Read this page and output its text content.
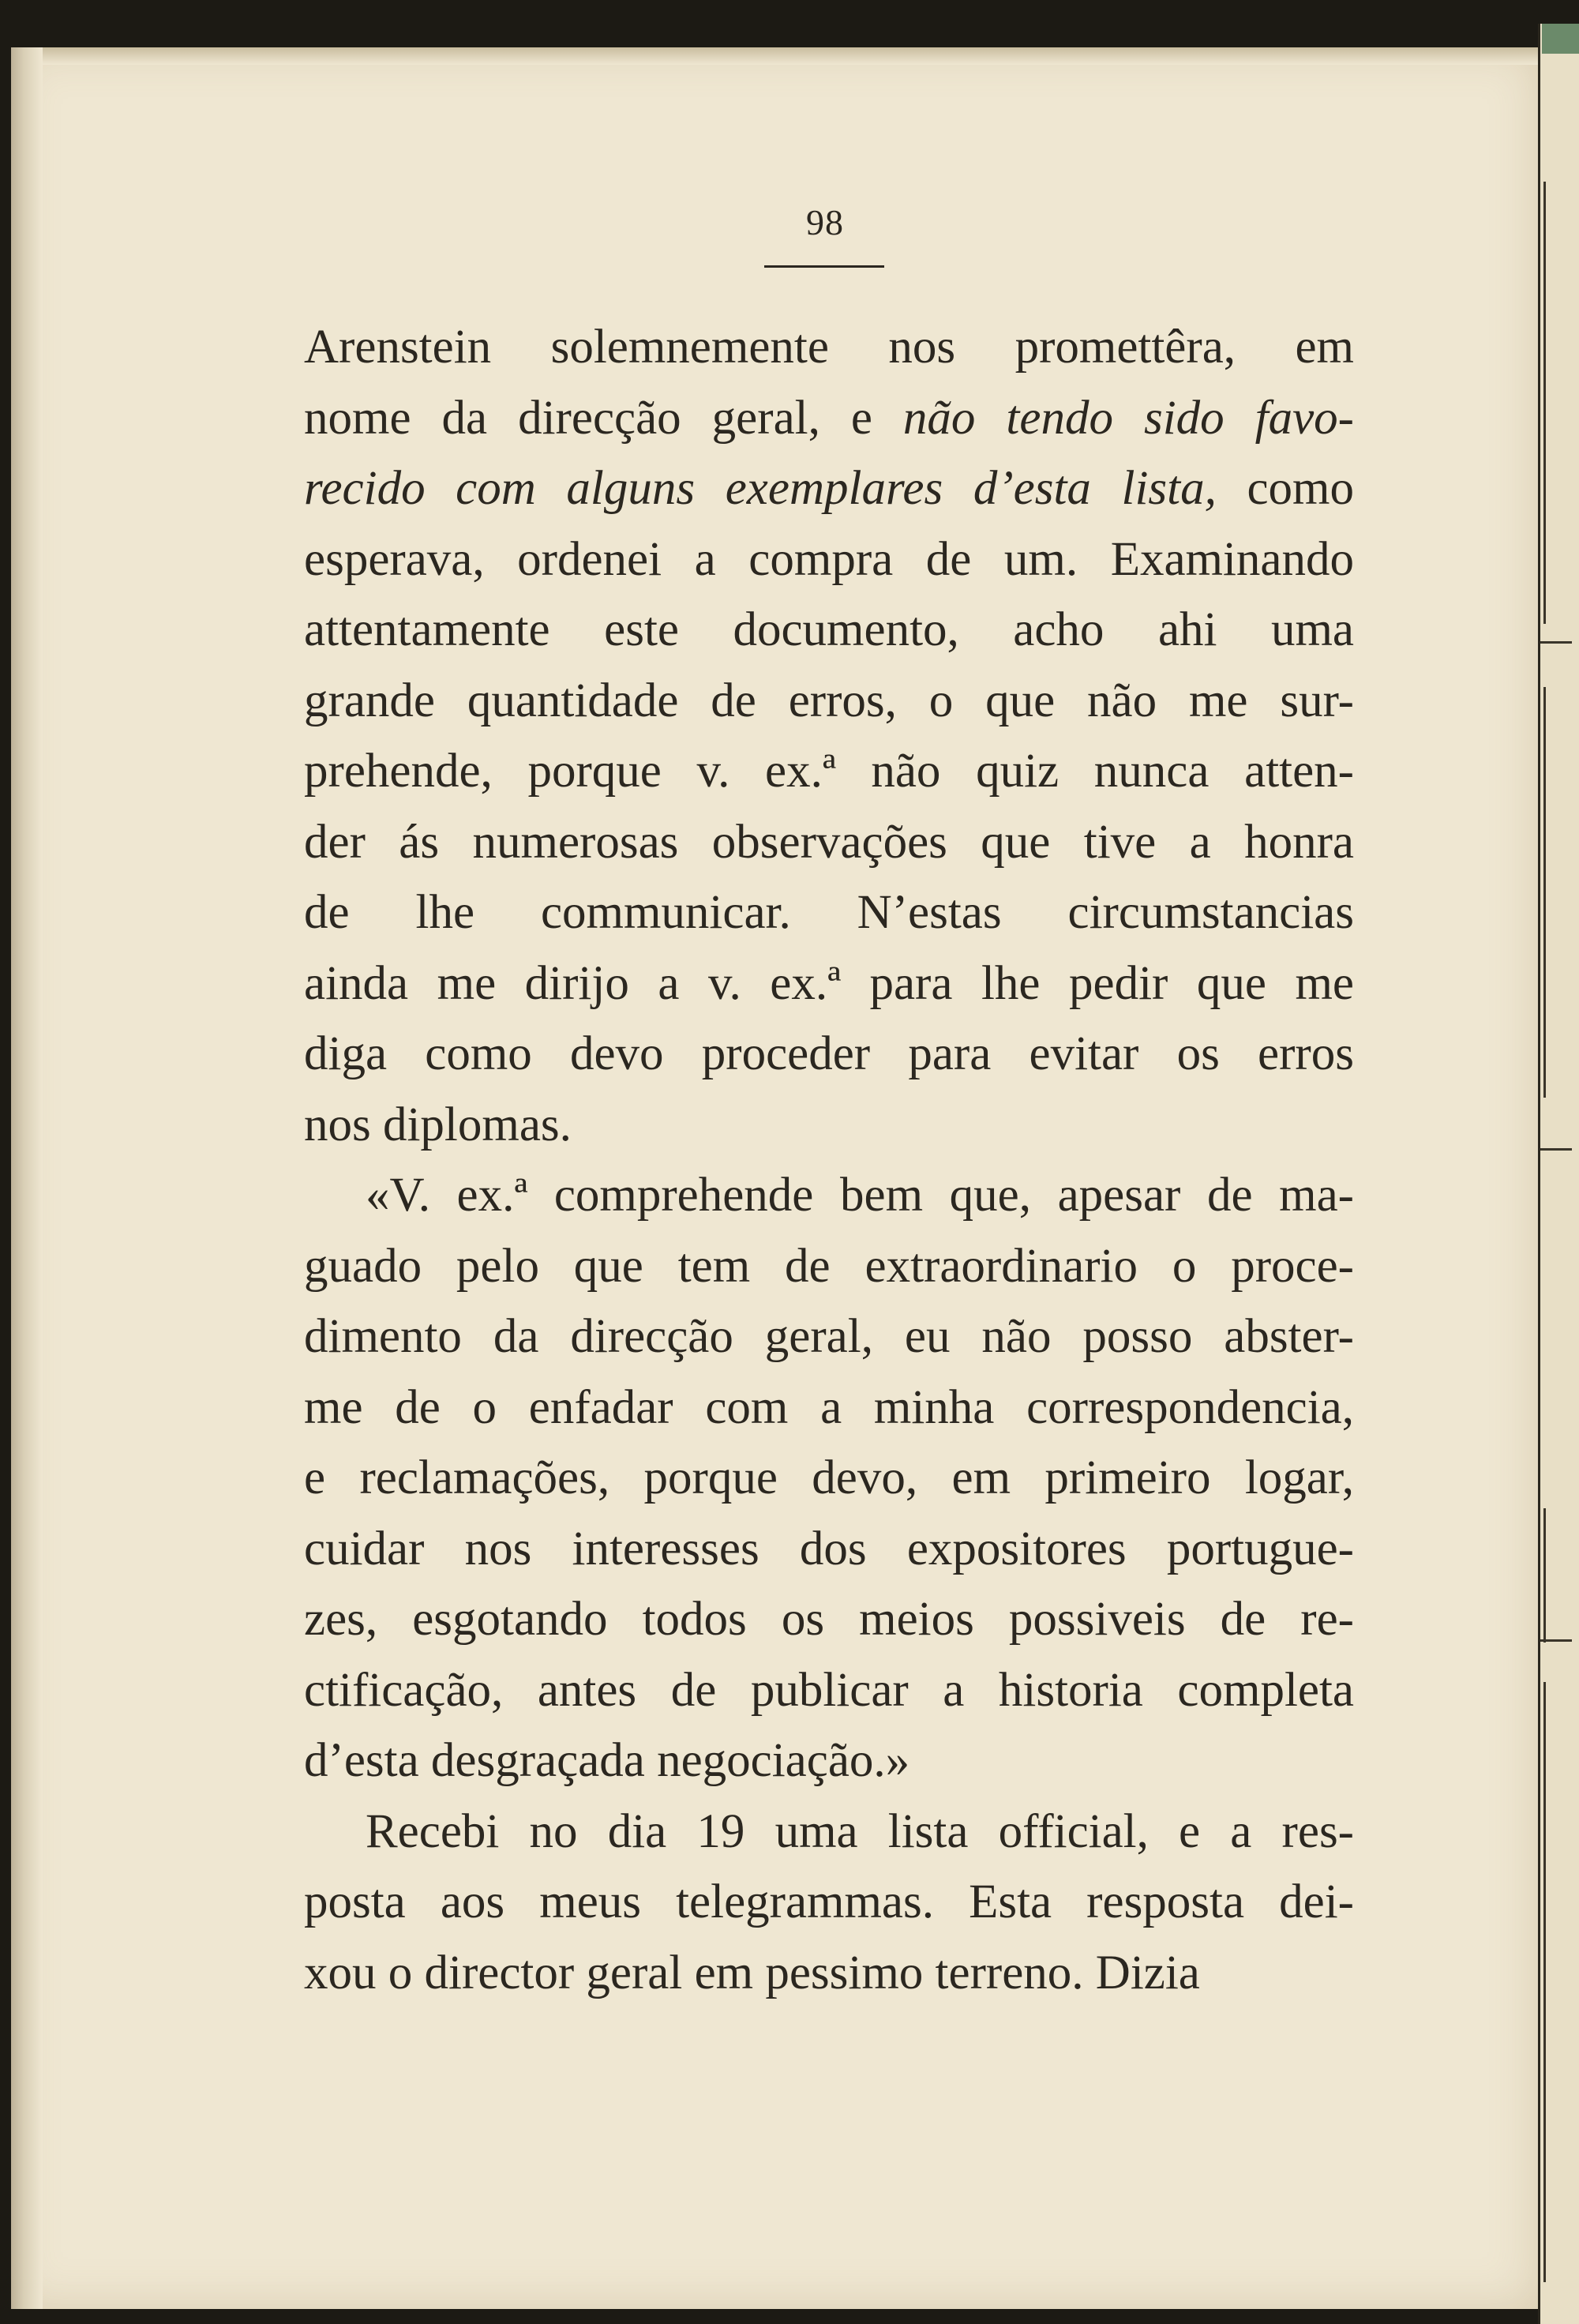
98
Arenstein solemnemente nos promettêra, em
nome da direcção geral, e não tendo sido favo-
recido com alguns exemplares d’esta lista, como
esperava, ordenei a compra de um. Examinando
attentamente este documento, acho ahi uma
grande quantidade de erros, o que não me sur-
prehende, porque v. ex.ª não quiz nunca atten-
der ás numerosas observações que tive a honra
de lhe communicar. N’estas circumstancias
ainda me dirijo a v. ex.ª para lhe pedir que me
diga como devo proceder para evitar os erros
nos diplomas.
«V. ex.ª comprehende bem que, apesar de ma-
guado pelo que tem de extraordinario o proce-
dimento da direcção geral, eu não posso abster-
me de o enfadar com a minha correspondencia,
e reclamações, porque devo, em primeiro logar,
cuidar nos interesses dos expositores portugue-
zes, esgotando todos os meios possiveis de re-
ctificação, antes de publicar a historia completa
d’esta desgraçada negociação.»
Recebi no dia 19 uma lista official, e a res-
posta aos meus telegrammas. Esta resposta dei-
xou o director geral em pessimo terreno. Dizia
